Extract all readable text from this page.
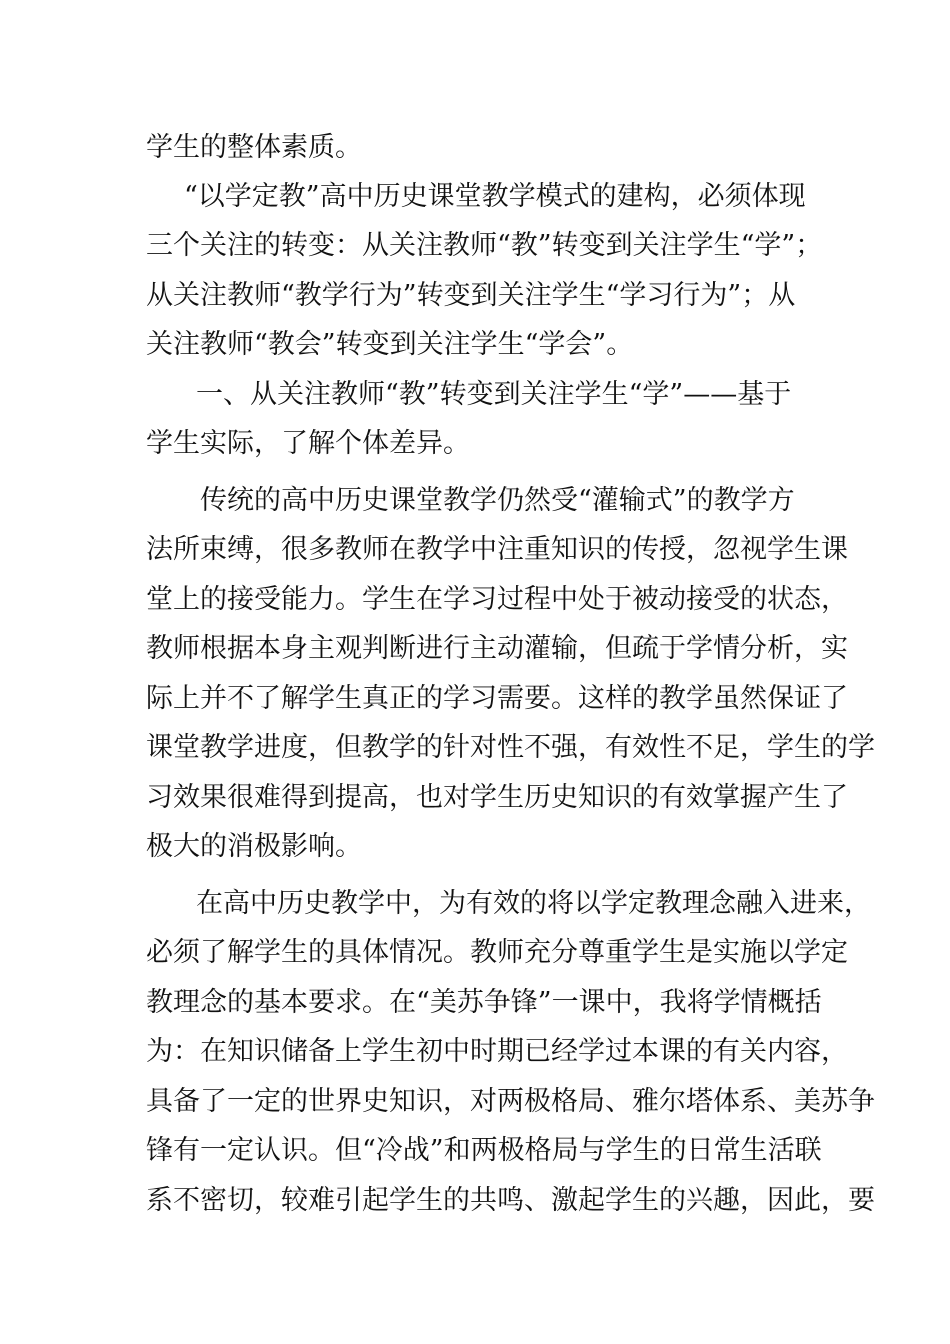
学生的整体素质。
“以学定教”高中历史课堂教学模式的建构，必须体现
三个关注的转变：从关注教师“教”转变到关注学生“学”；
从关注教师“教学行为”转变到关注学生“学习行为”；从
关注教师“教会”转变到关注学生“学会”。
一、从关注教师“教”转变到关注学生“学”——基于
学生实际，了解个体差异。
传统的高中历史课堂教学仍然受“灌输式”的教学方
法所束缚，很多教师在教学中注重知识的传授，忽视学生课
堂上的接受能力。学生在学习过程中处于被动接受的状态，
教师根据本身主观判断进行主动灌输，但疏于学情分析，实
际上并不了解学生真正的学习需要。这样的教学虽然保证了
课堂教学进度，但教学的针对性不强，有效性不足，学生的学
习效果很难得到提高，也对学生历史知识的有效掌握产生了
极大的消极影响。
在高中历史教学中，为有效的将以学定教理念融入进来，
必须了解学生的具体情况。教师充分尊重学生是实施以学定
教理念的基本要求。在“美苏争锋”一课中，我将学情概括
为：在知识储备上学生初中时期已经学过本课的有关内容，
具备了一定的世界史知识，对两极格局、雅尔塔体系、美苏争
锋有一定认识。但“冷战”和两极格局与学生的日常生活联
系不密切，较难引起学生的共鸣、激起学生的兴趣，因此，要
